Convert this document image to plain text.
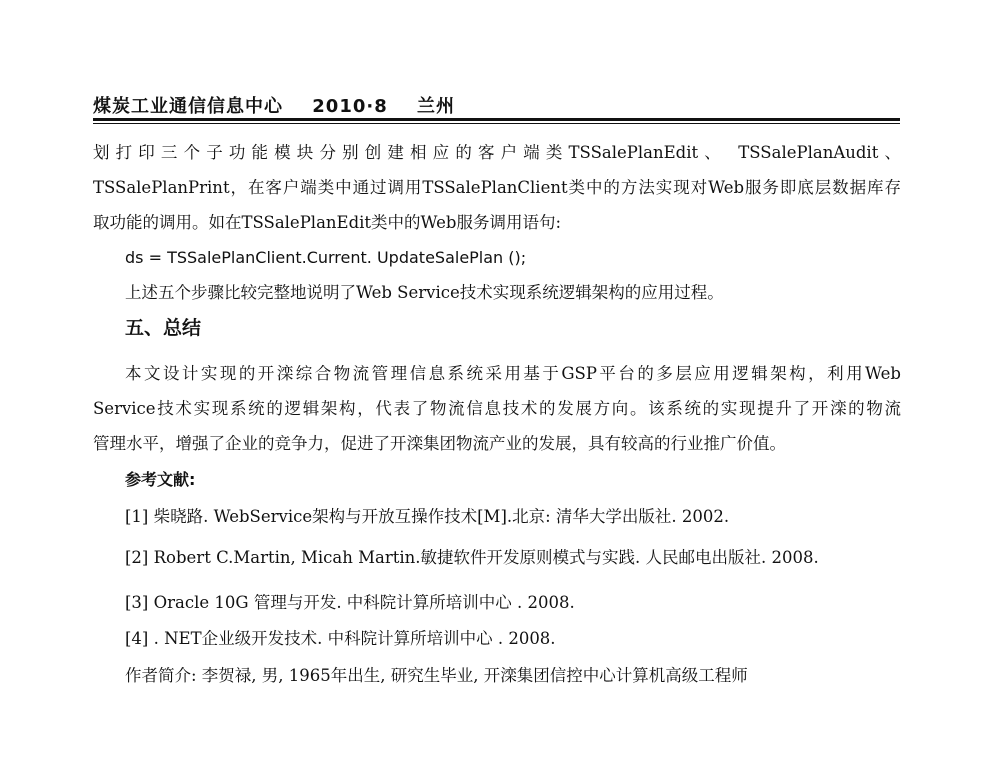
煤炭工业通信信息中心 2010·8 兰州
划打印三个子功能模块分别创建相应的客户端类TSSalePlanEdit、 TSSalePlanAudit、
TSSalePlanPrint，在客户端类中通过调用TSSalePlanClient类中的方法实现对Web服务即底层数据库存
取功能的调用。如在TSSalePlanEdit类中的Web服务调用语句:
ds = TSSalePlanClient.Current. UpdateSalePlan ();
上述五个步骤比较完整地说明了Web Service技术实现系统逻辑架构的应用过程。
五、总结
本文设计实现的开滦综合物流管理信息系统采用基于GSP平台的多层应用逻辑架构，利用Web
Service技术实现系统的逻辑架构，代表了物流信息技术的发展方向。该系统的实现提升了开滦的物流
管理水平，增强了企业的竞争力，促进了开滦集团物流产业的发展，具有较高的行业推广价值。
参考文献:
[1] 柴晓路. WebService架构与开放互操作技术[M].北京: 清华大学出版社. 2002.
[2] Robert C.Martin, Micah Martin.敏捷软件开发原则模式与实践. 人民邮电出版社. 2008.
[3] Oracle 10G 管理与开发. 中科院计算所培训中心 . 2008.
[4] . NET企业级开发技术. 中科院计算所培训中心 . 2008.
作者简介: 李贺禄, 男, 1965年出生, 研究生毕业, 开滦集团信控中心计算机高级工程师
